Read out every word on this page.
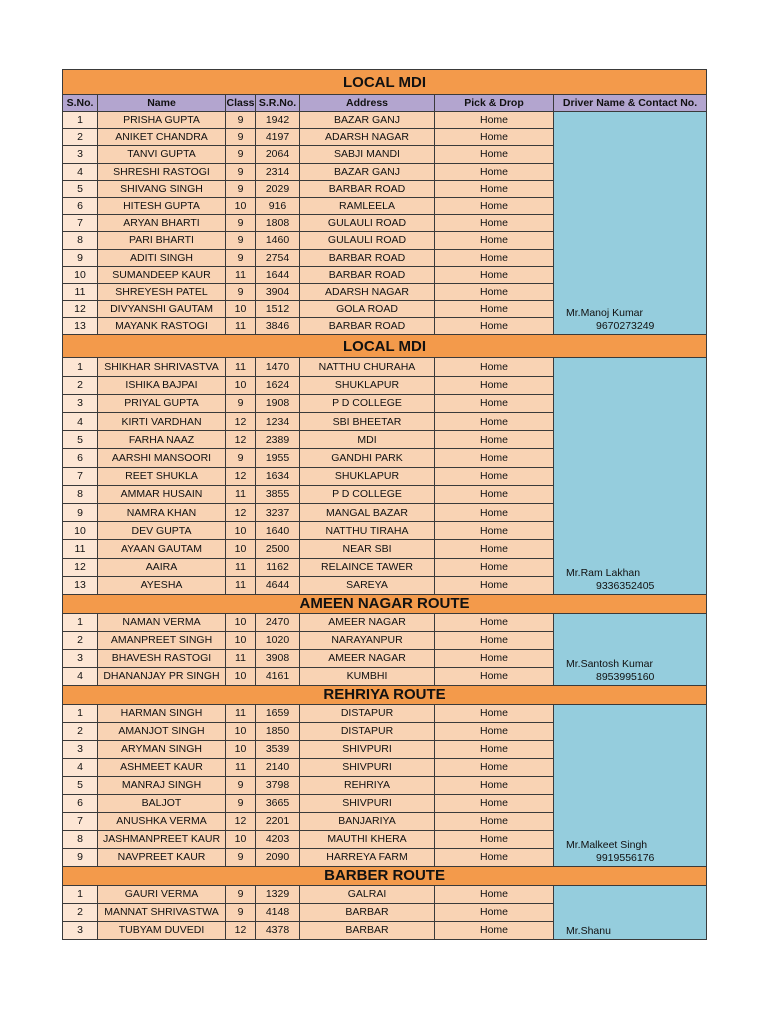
LOCAL MDI						
S.No.	Name	Class	S.R.No.	Address	Pick & Drop	Driver Name & Contact No.
1	PRISHA GUPTA	9	1942	BAZAR GANJ	Home	Mr.Manoj Kumar
9670273249

2	ANIKET CHANDRA	9	4197	ADARSH NAGAR	Home	
3	TANVI GUPTA	9	2064	SABJI MANDI	Home	
4	SHRESHI RASTOGI	9	2314	BAZAR GANJ	Home	
5	SHIVANG SINGH	9	2029	BARBAR ROAD	Home	
6	HITESH GUPTA	10	916	RAMLEELA	Home	
7	ARYAN BHARTI	9	1808	GULAULI ROAD	Home	
8	PARI BHARTI	9	1460	GULAULI ROAD	Home	
9	ADITI SINGH	9	2754	BARBAR ROAD	Home	
10	SUMANDEEP KAUR	11	1644	BARBAR ROAD	Home	
11	SHREYESH PATEL	9	3904	ADARSH NAGAR	Home	
12	DIVYANSHI GAUTAM	10	1512	GOLA ROAD	Home	
13	MAYANK RASTOGI	11	3846	BARBAR ROAD	Home	
LOCAL MDI						
1	SHIKHAR SHRIVASTVA	11	1470	NATTHU CHURAHA	Home	Mr.Ram Lakhan
9336352405

2	ISHIKA BAJPAI	10	1624	SHUKLAPUR	Home	
3	PRIYAL GUPTA	9	1908	P D COLLEGE	Home	
4	KIRTI VARDHAN	12	1234	SBI BHEETAR	Home	
5	FARHA NAAZ	12	2389	MDI	Home	
6	AARSHI MANSOORI	9	1955	GANDHI PARK	Home	
7	REET SHUKLA	12	1634	SHUKLAPUR	Home	
8	AMMAR HUSAIN	11	3855	P D COLLEGE	Home	
9	NAMRA KHAN	12	3237	MANGAL BAZAR	Home	
10	DEV GUPTA	10	1640	NATTHU TIRAHA	Home	
11	AYAAN GAUTAM	10	2500	NEAR SBI	Home	
12	AAIRA	11	1162	RELAINCE TAWER	Home	
13	AYESHA	11	4644	SAREYA	Home	
AMEEN NAGAR ROUTE						
1	NAMAN VERMA	10	2470	AMEER NAGAR	Home	Mr.Santosh Kumar
8953995160

2	AMANPREET SINGH	10	1020	NARAYANPUR	Home	
3	BHAVESH RASTOGI	11	3908	AMEER NAGAR	Home	
4	DHANANJAY PR SINGH	10	4161	KUMBHI	Home	
REHRIYA ROUTE						
1	HARMAN SINGH	11	1659	DISTAPUR	Home	Mr.Malkeet Singh
9919556176

2	AMANJOT SINGH	10	1850	DISTAPUR	Home	
3	ARYMAN SINGH	10	3539	SHIVPURI	Home	
4	ASHMEET KAUR	11	2140	SHIVPURI	Home	
5	MANRAJ SINGH	9	3798	REHRIYA	Home	
6	BALJOT	9	3665	SHIVPURI	Home	
7	ANUSHKA VERMA	12	2201	BANJARIYA	Home	
8	JASHMANPREET KAUR	10	4203	MAUTHI KHERA	Home	
9	NAVPREET KAUR	9	2090	HARREYA FARM	Home	
BARBER ROUTE						
1	GAURI VERMA	9	1329	GALRAI	Home	Mr.Shanu

2	MANNAT SHRIVASTWA	9	4148	BARBAR	Home	
3	TUBYAM DUVEDI	12	4378	BARBAR	Home	
